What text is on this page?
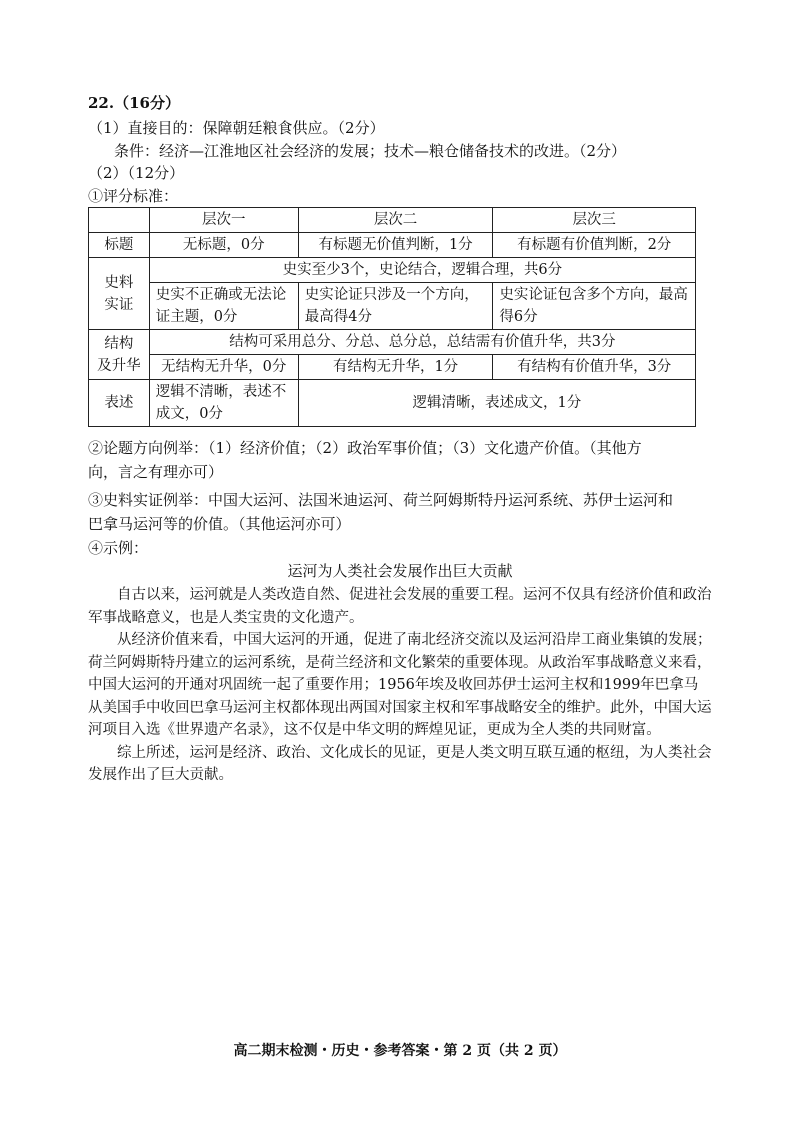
22.（16分）
（1）直接目的：保障朝廷粮食供应。（2分）
条件：经济—江淮地区社会经济的发展；技术—粮仓储备技术的改进。（2分）
（2）（12分）
①评分标准：
	层次一	层次二	层次三
标题	无标题，0分	有标题无价值判断，1分	有标题有价值判断，2分
史料
实证	史实至少3个，史论结合，逻辑合理，共6分		
	史实不正确或无法论证主题，0分	史实论证只涉及一个方向，最高得4分	史实论证包含多个方向，最高得6分
结构
及升华	结构可采用总分、分总、总分总，总结需有价值升华，共3分		
	无结构无升华，0分	有结构无升华，1分	有结构有价值升华，3分
表述	逻辑不清晰，表述不成文，0分	逻辑清晰，表述成文，1分	
②论题方向例举：（1）经济价值；（2）政治军事价值；（3）文化遗产价值。（其他方
向，言之有理亦可）
③史料实证例举：中国大运河、法国米迪运河、荷兰阿姆斯特丹运河系统、苏伊士运河和
巴拿马运河等的价值。（其他运河亦可）
④示例：
运河为人类社会发展作出巨大贡献

自古以来，运河就是人类改造自然、促进社会发展的重要工程。运河不仅具有经济价值和政治军事战略意义，也是人类宝贵的文化遗产。

从经济价值来看，中国大运河的开通，促进了南北经济交流以及运河沿岸工商业集镇的发展；荷兰阿姆斯特丹建立的运河系统，是荷兰经济和文化繁荣的重要体现。从政治军事战略意义来看，中国大运河的开通对巩固统一起了重要作用；1956年埃及收回苏伊士运河主权和1999年巴拿马从美国手中收回巴拿马运河主权都体现出两国对国家主权和军事战略安全的维护。此外，中国大运河项目入选《世界遗产名录》，这不仅是中华文明的辉煌见证，更成为全人类的共同财富。

综上所述，运河是经济、政治、文化成长的见证，更是人类文明互联互通的枢纽，为人类社会发展作出了巨大贡献。

高二期末检测・历史・参考答案・第 2 页（共 2 页）
